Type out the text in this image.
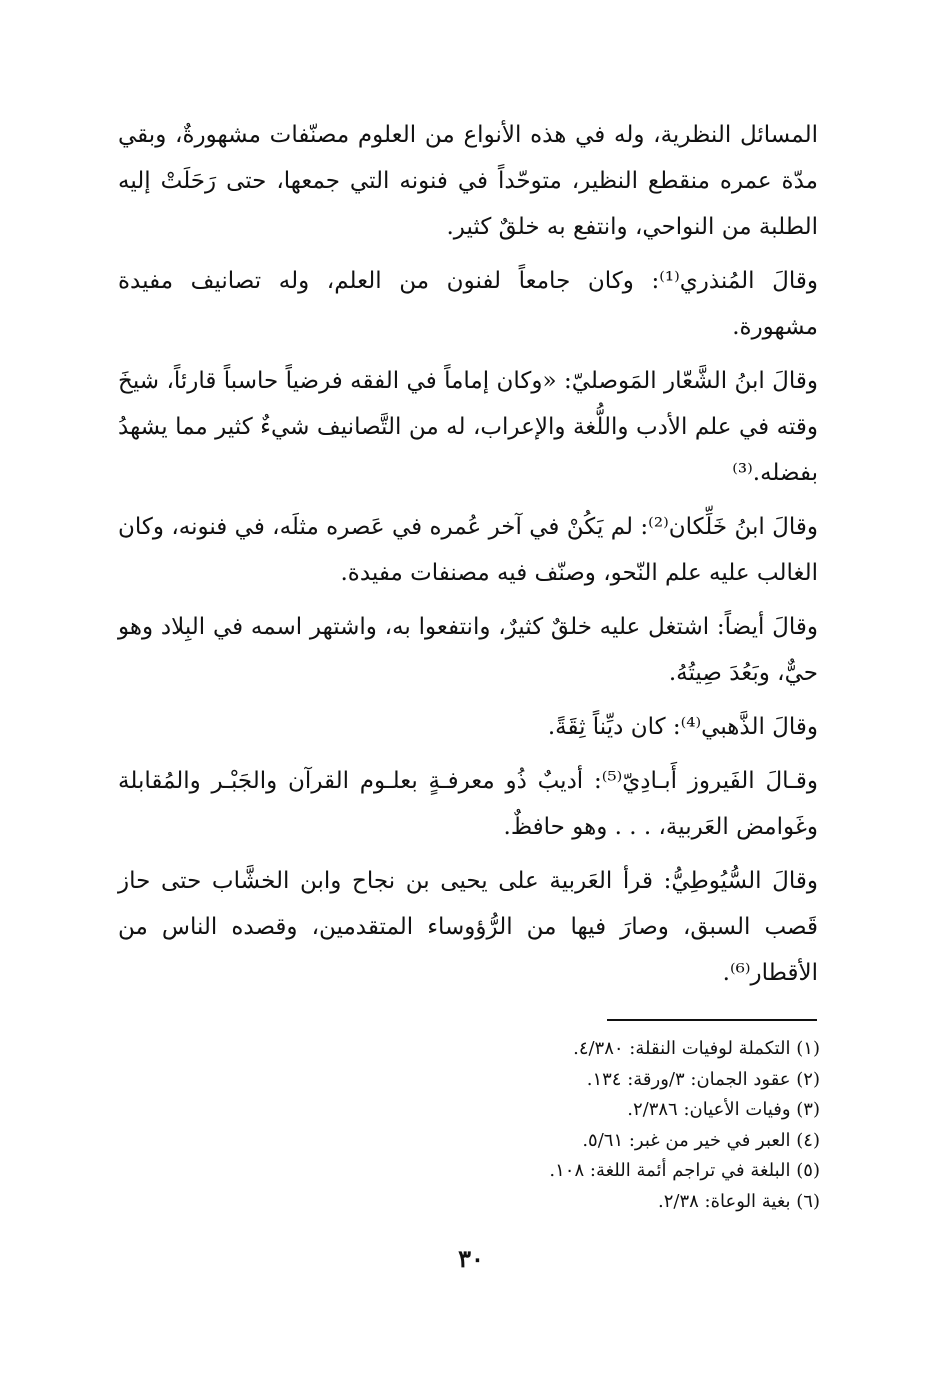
المسائل النظرية، وله في هذه الأنواع من العلوم مصنّفات مشهورةٌ، وبقي مدّة عمره منقطع النظير، متوحّداً في فنونه التي جمعها، حتى رَحَلَتْ إليه الطلبة من النواحي، وانتفع به خلقٌ كثير.

وقالَ المُنذري⁽¹⁾: وكان جامعاً لفنون من العلم، وله تصانيف مفيدة مشهورة.

وقالَ ابنُ الشَّعّار المَوصليّ: «وكان إماماً في الفقه فرضياً حاسباً قارئاً، شيخَ وقته في علم الأدب واللُّغة والإعراب، له من التَّصانيف شيءٌ كثير مما يشهدُ بفضله.⁽³⁾

وقالَ ابنُ خَلِّكان⁽²⁾: لم يَكُنْ في آخر عُمره في عَصره مثلَه، في فنونه، وكان الغالب عليه علم النّحو، وصنّف فيه مصنفات مفيدة.

وقالَ أيضاً: اشتغل عليه خلقٌ كثيرٌ، وانتفعوا به، واشتهر اسمه في البِلاد وهو حيٌّ، وبَعُدَ صِيتُهُ.

وقالَ الذَّهبي⁽⁴⁾: كان ديِّناً ثِقَةً.

وقـالَ الفَيروز أَبـادِيّ⁽⁵⁾: أديبٌ ذُو معرفـةٍ بعلـوم القرآن والجَبْـر والمُقابلة وغَوامض العَربية، . . . وهو حافظٌ.

وقالَ السُّيُوطِيُّ: قرأ العَربية على يحيى بن نجاح وابن الخشَّاب حتى حاز قَصب السبق، وصارَ فيها من الرُّؤوساء المتقدمين، وقصده الناس من الأقطار⁽⁶⁾.

(١) التكملة لوفيات النقلة: ٤/٣٨٠.
(٢) عقود الجمان: ٣/ورقة: ١٣٤.
(٣) وفيات الأعيان: ٢/٣٨٦.
(٤) العبر في خير من غبر: ٥/٦١.
(٥) البلغة في تراجم أئمة اللغة: ١٠٨.
(٦) بغية الوعاة: ٢/٣٨.
٣٠
